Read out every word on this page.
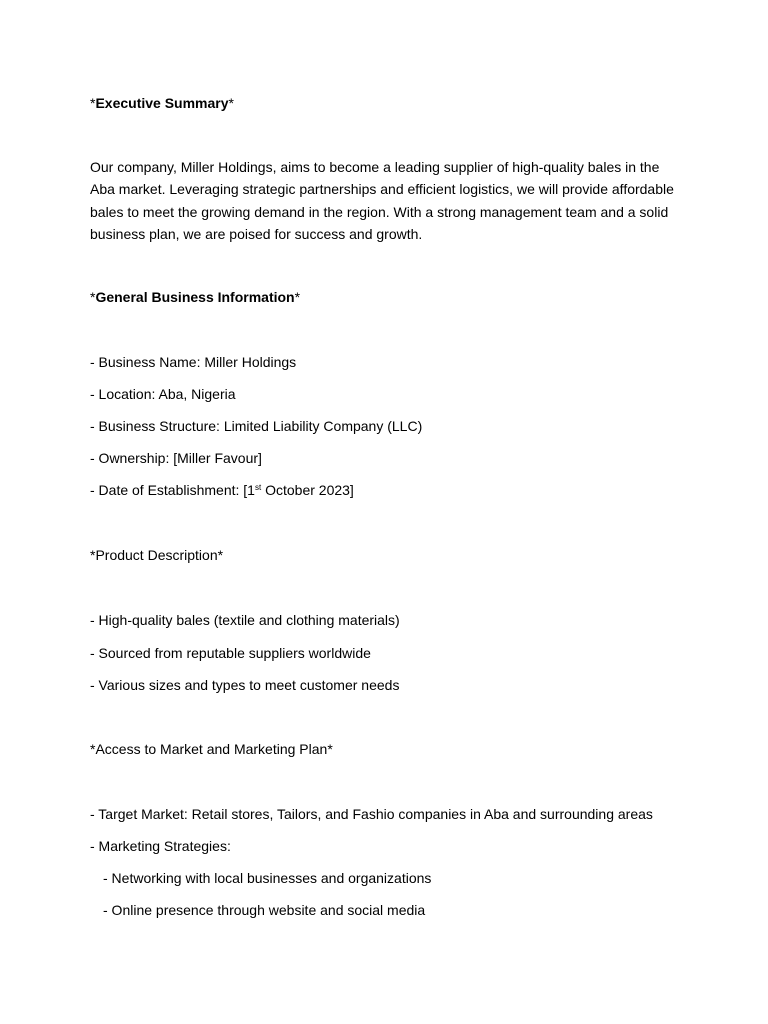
*Executive Summary*
Our company, Miller Holdings, aims to become a leading supplier of high-quality bales in the Aba market. Leveraging strategic partnerships and efficient logistics, we will provide affordable bales to meet the growing demand in the region. With a strong management team and a solid business plan, we are poised for success and growth.
*General Business Information*
- Business Name: Miller Holdings
- Location: Aba, Nigeria
- Business Structure: Limited Liability Company (LLC)
- Ownership: [Miller Favour]
- Date of Establishment: [1st October 2023]
*Product Description*
- High-quality bales (textile and clothing materials)
- Sourced from reputable suppliers worldwide
- Various sizes and types to meet customer needs
*Access to Market and Marketing Plan*
- Target Market: Retail stores, Tailors, and Fashio companies in Aba and surrounding areas
- Marketing Strategies:
- Networking with local businesses and organizations
- Online presence through website and social media
